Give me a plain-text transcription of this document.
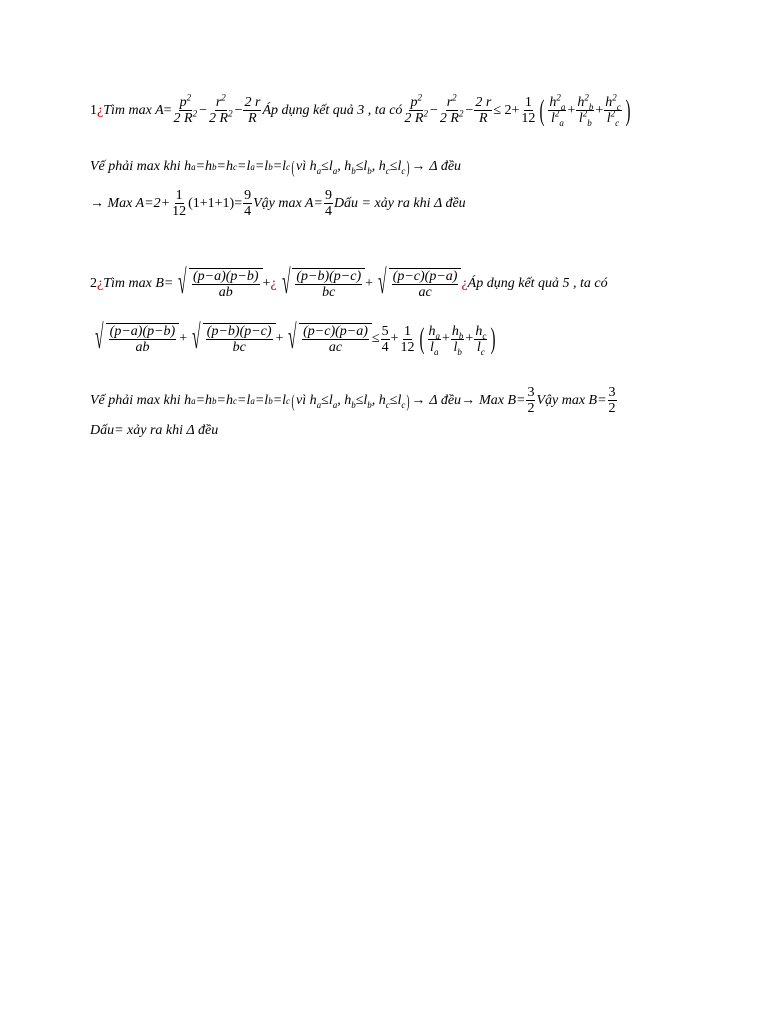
1 ¿ Tìm $\max A = \frac{p^2}{2 R^2} - \frac{r^2}{2 R^2} - \frac{2 r}{R}$ Áp dụng kết quả 3 , ta có $\frac{p^2}{2 R^2} - \frac{r^2}{2 R^2} - \frac{2 r}{R} \le 2+ \frac{1}{12}$ ( $\frac{h^2_a}{l^2_a} + \frac{h^2_b}{l^2_b} + \frac{h^2_c}{l^2_c}$ )
Vế phải max khi h a =h b =h c =l a =l b =l c ( vì $h_a\le l_a$, $h_b\le l_b$, $h_c\le l_c$ ) → Δ đều
→ Max $A=2+ \frac{1}{12} (1+1+1)= \frac{9}{4}$ Vậy $\max A= \frac{9}{4}$ Dấu = xảy ra khi Δ đều
2 ¿ Tìm max B= √ $\frac{(p-a)(p-b)}{ab}$ + ¿ √ $\frac{(p-b)(p-c)}{bc}$ + √ $\frac{(p-c)(p-a)}{ac}$ ¿ Áp dụng kết quả 5 , ta có
√ $\frac{(p-a)(p-b)}{ab}$ + √ $\frac{(p-b)(p-c)}{bc}$ + √ $\frac{(p-c)(p-a)}{ac} \le \frac{5}{4} + \frac{1}{12}$ ( $\frac{h_a}{l_a} + \frac{h_b}{l_b} + \frac{h_c}{l_c}$ )
Vế phải max khi h a =h b =h c =l a =l b =l c ( vì $h_a\le l_a$, $h_b\le l_b$, $h_c\le l_c$ ) → Δ đều → Max $B= \frac{3}{2}$ Vậy $\max B= \frac{3}{2}$
Dấu= xảy ra khi Δ đều
